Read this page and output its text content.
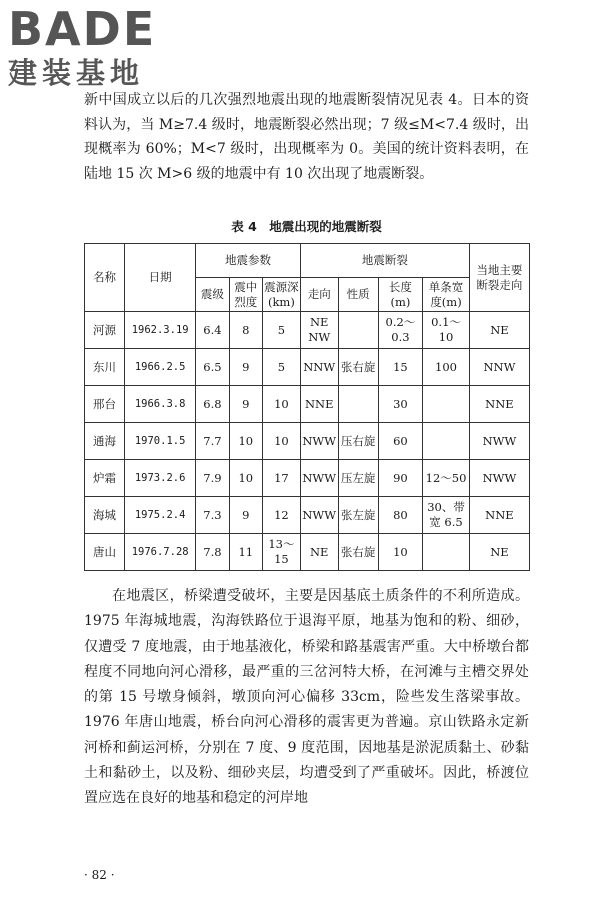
BADE
建装基地

新中国成立以后的几次强烈地震出现的地震断裂情况见表 4。日本的资料认为，当 M≥7.4 级时，地震断裂必然出现；7 级≤M<7.4 级时，出现概率为 60%；M<7 级时，出现概率为 0。美国的统计资料表明，在陆地 15 次 M>6 级的地震中有 10 次出现了地震断裂。

表 4　地震出现的地震断裂
名称	日期	地震参数			地震断裂				当地主要断裂走向
		震级	震中烈度	震源深(km)	走向	性质	长度(m)	单条宽度(m)	
河源	1962.3.19	6.4	8	5	NE NW		0.2～0.3	0.1～10	NE
东川	1966.2.5	6.5	9	5	NNW	张右旋	15	100	NNW
邢台	1966.3.8	6.8	9	10	NNE		30		NNE
通海	1970.1.5	7.7	10	10	NWW	压右旋	60		NWW
炉霜	1973.2.6	7.9	10	17	NWW	压左旋	90	12～50	NWW
海城	1975.2.4	7.3	9	12	NWW	张左旋	80	30、带宽 6.5	NNE
唐山	1976.7.28	7.8	11	13～15	NE	张右旋	10		NE

在地震区，桥梁遭受破坏，主要是因基底土质条件的不利所造成。1975 年海城地震，沟海铁路位于退海平原，地基为饱和的粉、细砂，仅遭受 7 度地震，由于地基液化，桥梁和路基震害严重。大中桥墩台都程度不同地向河心滑移，最严重的三岔河特大桥，在河滩与主槽交界处的第 15 号墩身倾斜，墩顶向河心偏移 33cm，险些发生落梁事故。1976 年唐山地震，桥台向河心滑移的震害更为普遍。京山铁路永定新河桥和蓟运河桥，分别在 7 度、9 度范围，因地基是淤泥质黏土、砂黏土和黏砂土，以及粉、细砂夹层，均遭受到了严重破坏。因此，桥渡位置应选在良好的地基和稳定的河岸地

· 82 ·
